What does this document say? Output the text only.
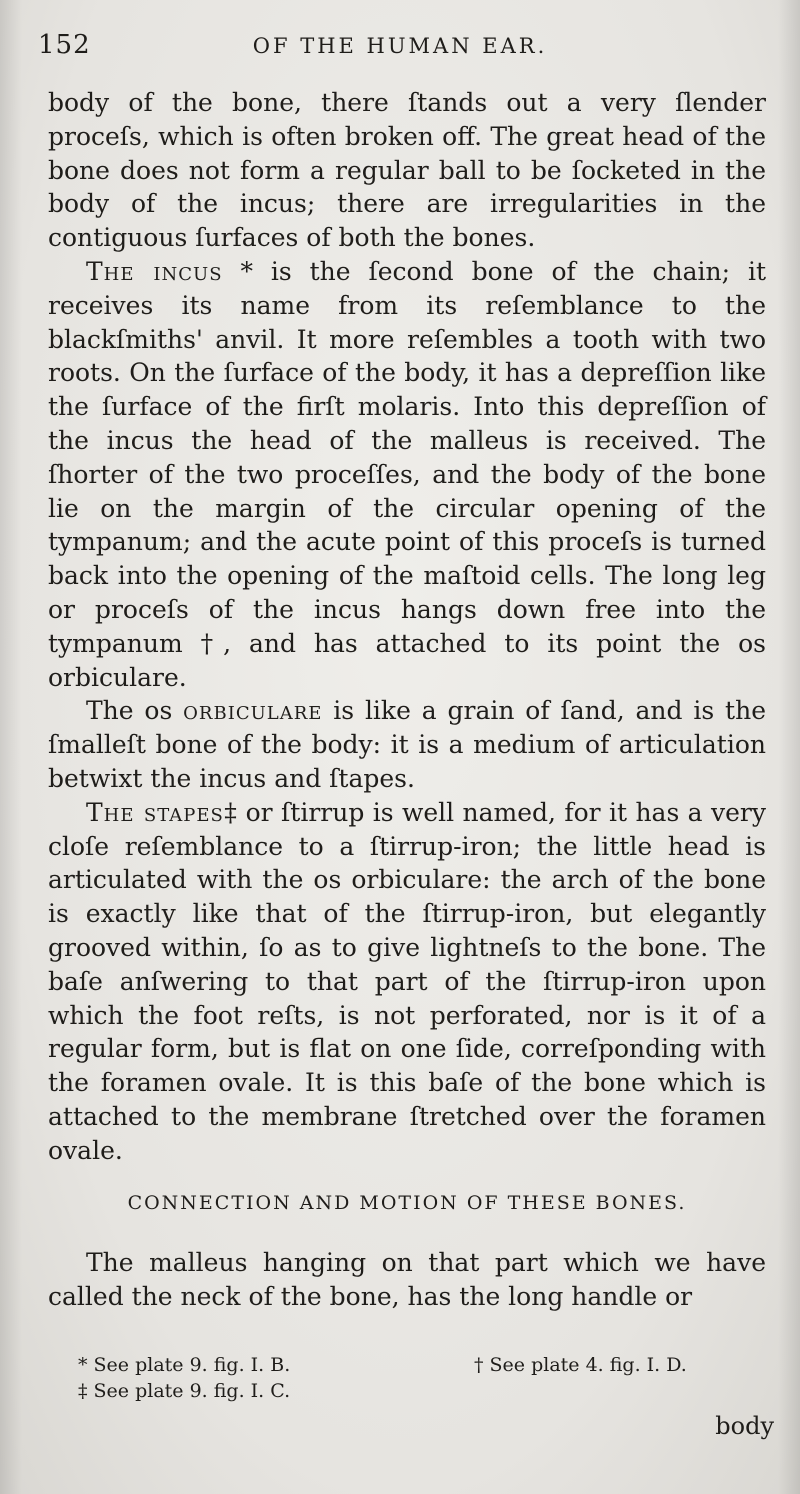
152	OF THE HUMAN EAR.

body of the bone, there ſtands out a very ſlender proceſs, which is often broken off. The great head of the bone does not form a regular ball to be ſocketed in the body of the incus; there are irregularities in the contiguous ſurfaces of both the bones.

The incus * is the ſecond bone of the chain; it receives its name from its reſemblance to the blackſmiths' anvil. It more reſembles a tooth with two roots. On the ſurface of the body, it has a depreſſion like the ſurface of the firſt molaris. Into this depreſſion of the incus the head of the malleus is received. The ſhorter of the two proceſſes, and the body of the bone lie on the margin of the circular opening of the tympanum; and the acute point of this proceſs is turned back into the opening of the maſtoid cells. The long leg or proceſs of the incus hangs down free into the tympanum †, and has attached to its point the os orbiculare.

The os orbiculare is like a grain of ſand, and is the ſmalleſt bone of the body: it is a medium of articulation betwixt the incus and ſtapes.

The stapes‡ or ſtirrup is well named, for it has a very cloſe reſemblance to a ſtirrup-iron; the little head is articulated with the os orbiculare: the arch of the bone is exactly like that of the ſtirrup-iron, but elegantly grooved within, ſo as to give lightneſs to the bone. The baſe anſwering to that part of the ſtirrup-iron upon which the foot reſts, is not perforated, nor is it of a regular form, but is flat on one ſide, correſponding with the foramen ovale. It is this baſe of the bone which is attached to the membrane ſtretched over the foramen ovale.

CONNECTION AND MOTION OF THESE BONES.

The malleus hanging on that part which we have called the neck of the bone, has the long handle or

* See plate 9. fig. I. B.	† See plate 4. fig. I. D.
‡ See plate 9. fig. I. C.
body
